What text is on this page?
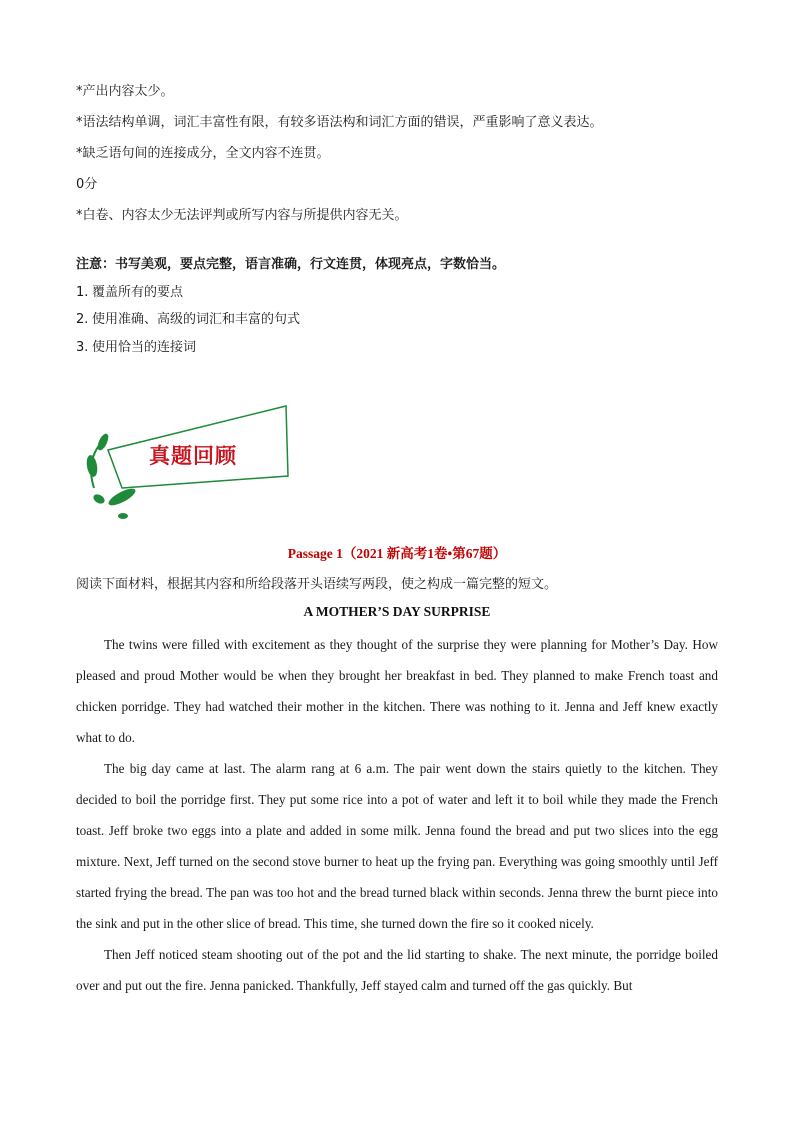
*产出内容太少。
*语法结构单调，词汇丰富性有限，有较多语法构和词汇方面的错误，严重影响了意义表达。
*缺乏语句间的连接成分，全文内容不连贯。
0分
*白卷、内容太少无法评判或所写内容与所提供内容无关。
注意：书写美观，要点完整，语言准确，行文连贯，体现亮点，字数恰当。
1. 覆盖所有的要点
2. 使用准确、高级的词汇和丰富的句式
3. 使用恰当的连接词
真题回顾
Passage 1（2021 新高考1卷•第67题）
阅读下面材料，根据其内容和所给段落开头语续写两段，使之构成一篇完整的短文。
A MOTHER’S DAY SURPRISE

The twins were filled with excitement as they thought of the surprise they were planning for Mother’s Day. How pleased and proud Mother would be when they brought her breakfast in bed. They planned to make French toast and chicken porridge. They had watched their mother in the kitchen. There was nothing to it. Jenna and Jeff knew exactly what to do.

The big day came at last. The alarm rang at 6 a.m. The pair went down the stairs quietly to the kitchen. They decided to boil the porridge first. They put some rice into a pot of water and left it to boil while they made the French toast. Jeff broke two eggs into a plate and added in some milk. Jenna found the bread and put two slices into the egg mixture. Next, Jeff turned on the second stove burner to heat up the frying pan. Everything was going smoothly until Jeff started frying the bread. The pan was too hot and the bread turned black within seconds. Jenna threw the burnt piece into the sink and put in the other slice of bread. This time, she turned down the fire so it cooked nicely.

Then Jeff noticed steam shooting out of the pot and the lid starting to shake. The next minute, the porridge boiled over and put out the fire. Jenna panicked. Thankfully, Jeff stayed calm and turned off the gas quickly. But
